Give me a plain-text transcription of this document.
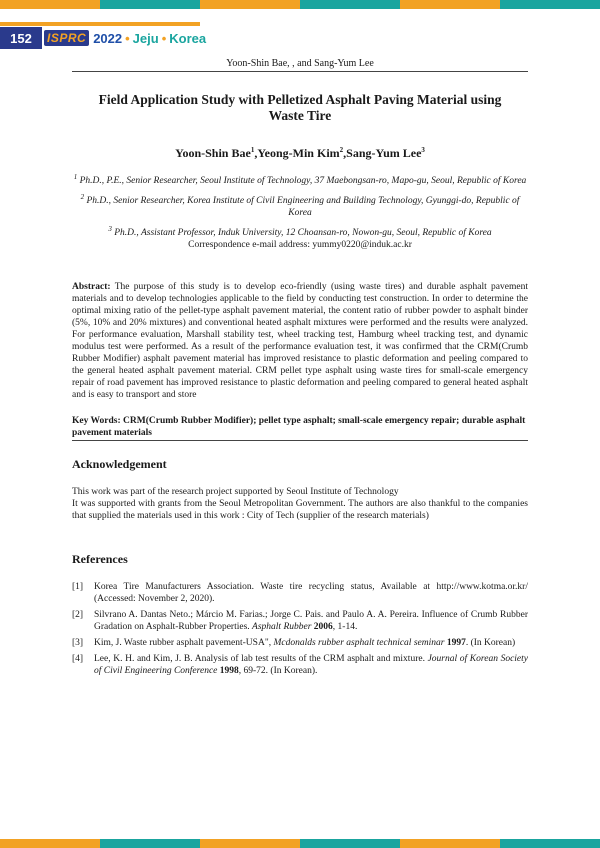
152	ISPRC 2022 • Jeju • Korea
Yoon-Shin Bae, , and Sang-Yum Lee

Field Application Study with Pelletized Asphalt Paving Material using
Waste Tire

Yoon-Shin Bae$^1$,Yeong-Min Kim$^2$,Sang-Yum Lee$^3$
$^1$ Ph.D., P.E., Senior Researcher, Seoul Institute of Technology, 37 Maebongsan-ro, Mapo-gu, Seoul, Republic of Korea
$^2$ Ph.D., Senior Researcher, Korea Institute of Civil Engineering and Building Technology, Gyunggi-do, Republic of Korea
$^3$ Ph.D., Assistant Professor, Induk University, 12 Choansan-ro, Nowon-gu, Seoul, Republic of Korea
Correspondence e-mail address: yummy0220@induk.ac.kr
Abstract: The purpose of this study is to develop eco-friendly (using waste tires) and durable asphalt pavement materials and to develop technologies applicable to the field by conducting test construction. In order to determine the optimal mixing ratio of the pellet-type asphalt pavement material, the content ratio of rubber powder to asphalt binder (5%, 10% and 20% mixtures) and conventional heated asphalt mixtures were performed and the results were analyzed. For performance evaluation, Marshall stability test, wheel tracking test, Hamburg wheel tracking test, and dynamic modulus test were performed. As a result of the performance evaluation test, it was confirmed that the CRM(Crumb Rubber Modifier) asphalt pavement material has improved resistance to plastic deformation and peeling compared to the general heated asphalt pavement material. CRM pellet type asphalt using waste tires for small-scale emergency repair of road pavement has improved resistance to plastic deformation and peeling compared to general heated asphalt and is easy to transport and store
Key Words: CRM(Crumb Rubber Modifier); pellet type asphalt; small-scale emergency repair; durable asphalt pavement materials

Acknowledgement

This work was part of the research project supported by Seoul Institute of Technology
It was supported with grants from the Seoul Metropolitan Government. The authors are also thankful to the companies that supplied the materials used in this work : City of Tech (supplier of the research materials)

References

[1]	Korea Tire Manufacturers Association. Waste tire recycling status, Available at http://www.kotma.or.kr/ (Accessed: November 2, 2020).
[2]	Silvrano A. Dantas Neto.; Márcio M. Farias.; Jorge C. Pais. and Paulo A. A. Pereira. Influence of Crumb Rubber Gradation on Asphalt-Rubber Properties. Asphalt Rubber 2006, 1-14.
[3]	Kim, J. Waste rubber asphalt pavement-USA", Mcdonalds rubber asphalt technical seminar 1997. (In Korean)
[4]	Lee, K. H. and Kim, J. B. Analysis of lab test results of the CRM asphalt and mixture. Journal of Korean Society of Civil Engineering Conference 1998, 69-72. (In Korean).
